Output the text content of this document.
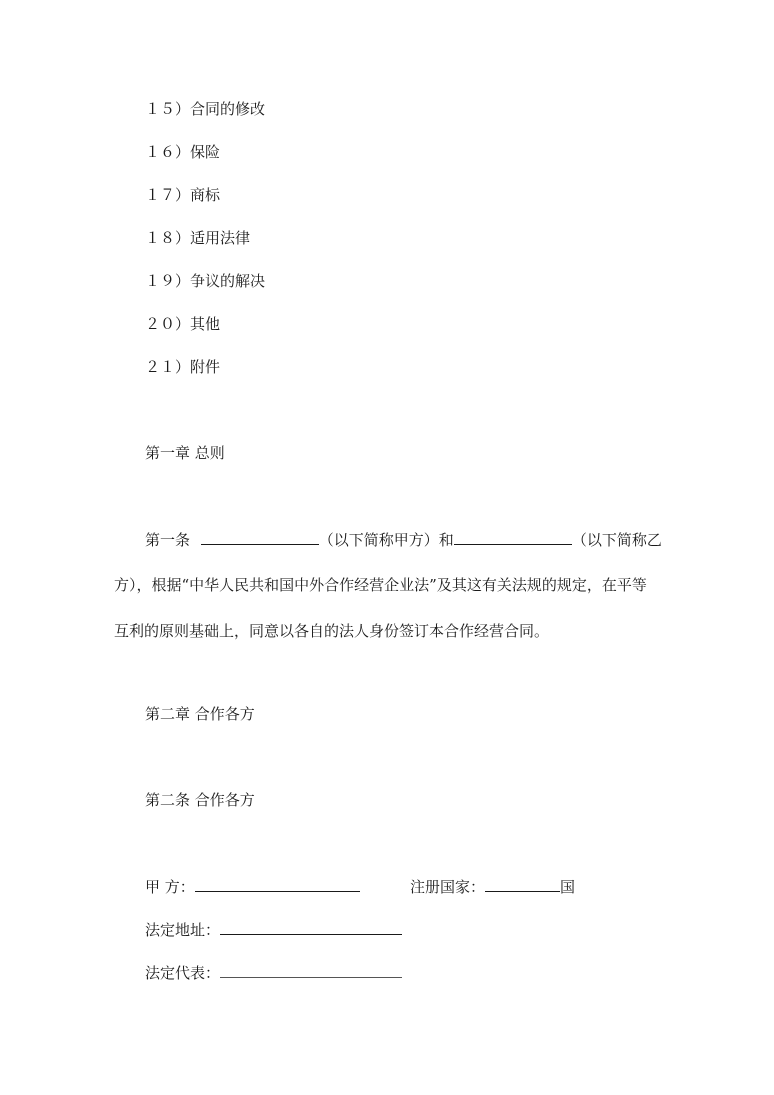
１５）合同的修改
１６）保险
１７）商标
１８）适用法律
１９）争议的解决
２０）其他
２１）附件
第一章 总则
第一条	（以下简称甲方）和	（以下简称乙
方），根据“中华人民共和国中外合作经营企业法”及其这有关法规的规定，在平等
互利的原则基础上，同意以各自的法人身份签订本合作经营合同。
第二章 合作各方
第二条 合作各方
甲 方：	注册国家：	国
法定地址：
法定代表：
